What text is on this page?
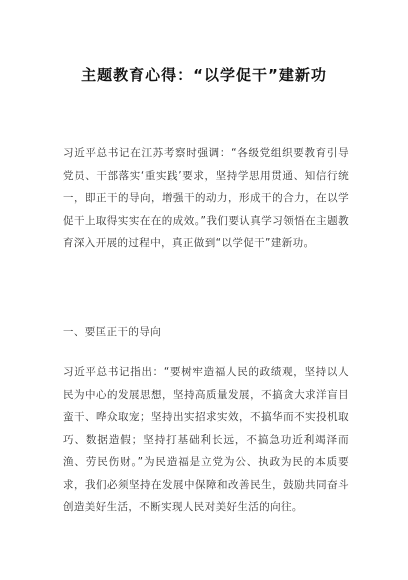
主题教育心得：“以学促干”建新功

习近平总书记在江苏考察时强调：“各级党组织要教育引导党员、干部落实‘重实践’要求，坚持学思用贯通、知信行统一，即正干的导向，增强干的动力，形成干的合力，在以学促干上取得实实在在的成效。”我们要认真学习领悟在主题教育深入开展的过程中，真正做到“以学促干”建新功。

一、要匡正干的导向

习近平总书记指出：“要树牢造福人民的政绩观，坚持以人民为中心的发展思想，坚持高质量发展，不搞贪大求洋盲目蛮干、哗众取宠；坚持出实招求实效，不搞华而不实投机取巧、数据造假；坚持打基础利长远，不搞急功近利竭泽而渔、劳民伤财。”为民造福是立党为公、执政为民的本质要求，我们必须坚持在发展中保障和改善民生，鼓励共同奋斗创造美好生活，不断实现人民对美好生活的向往。
